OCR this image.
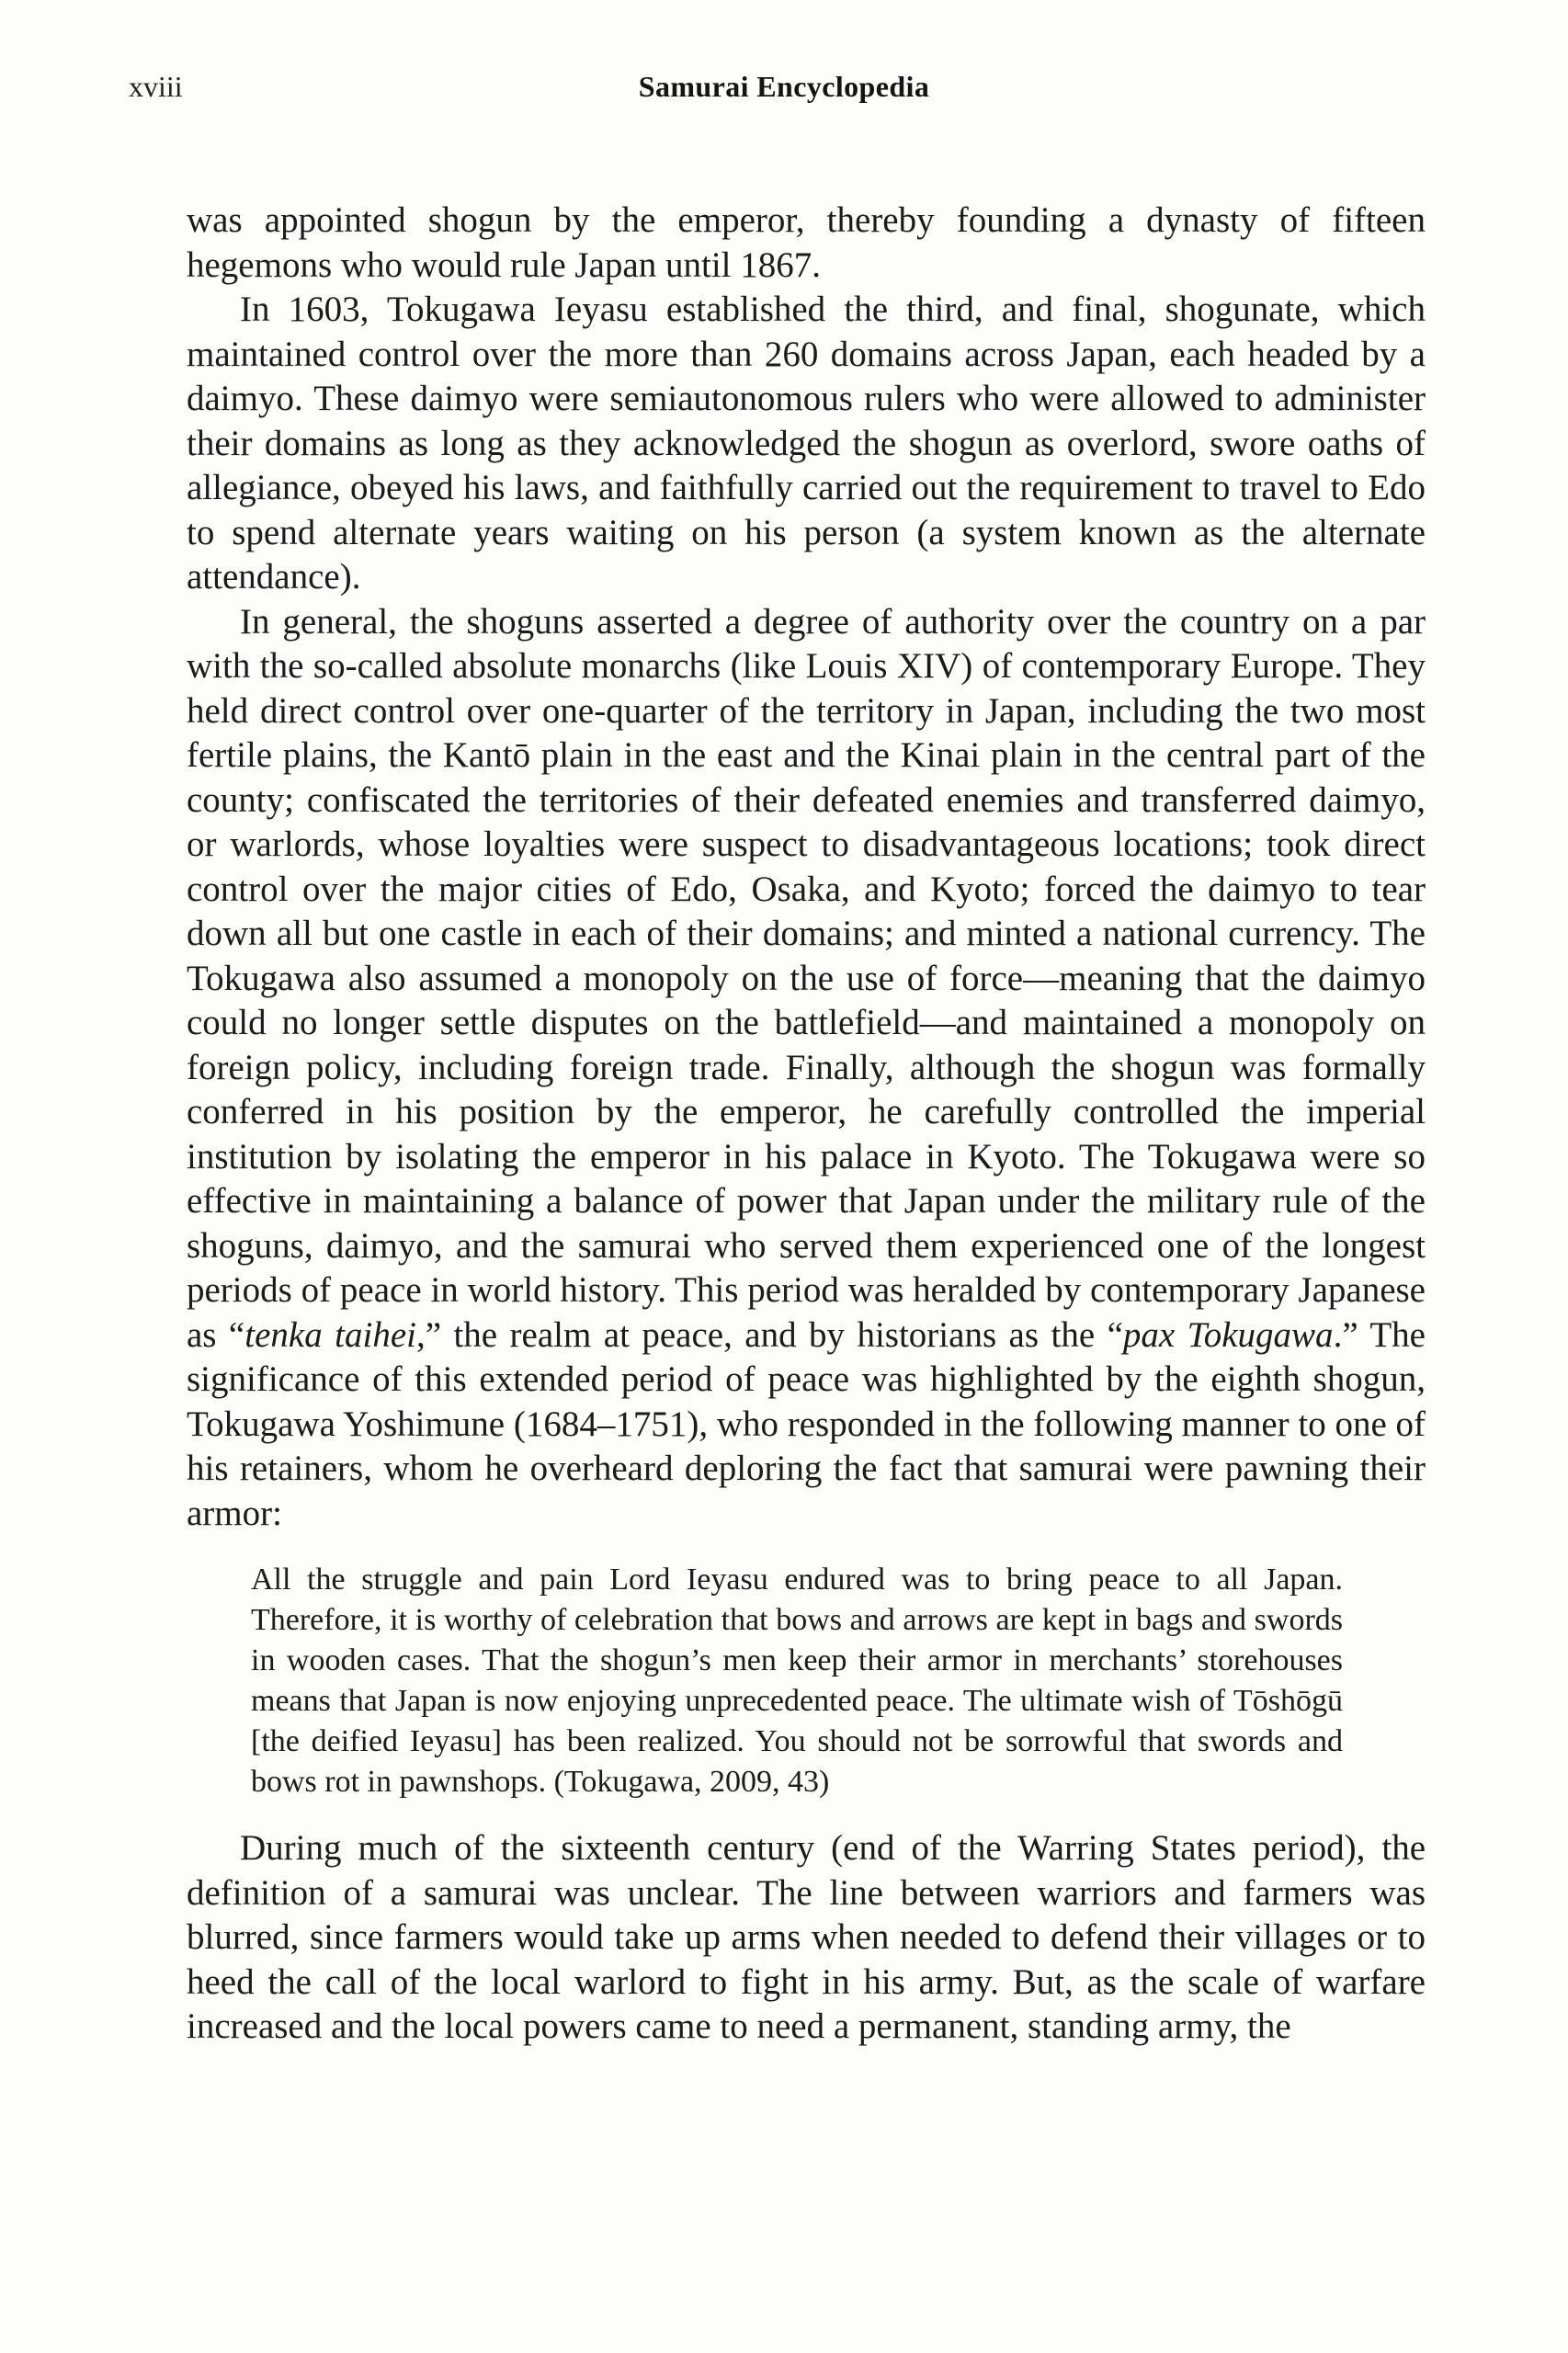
xviii	Samurai Encyclopedia

was appointed shogun by the emperor, thereby founding a dynasty of fifteen hegemons who would rule Japan until 1867.

In 1603, Tokugawa Ieyasu established the third, and final, shogunate, which maintained control over the more than 260 domains across Japan, each headed by a daimyo. These daimyo were semiautonomous rulers who were allowed to administer their domains as long as they acknowledged the shogun as overlord, swore oaths of allegiance, obeyed his laws, and faithfully carried out the requirement to travel to Edo to spend alternate years waiting on his person (a system known as the alternate attendance).

In general, the shoguns asserted a degree of authority over the country on a par with the so-called absolute monarchs (like Louis XIV) of contemporary Europe. They held direct control over one-quarter of the territory in Japan, including the two most fertile plains, the Kantō plain in the east and the Kinai plain in the central part of the county; confiscated the territories of their defeated enemies and transferred daimyo, or warlords, whose loyalties were suspect to disadvantageous locations; took direct control over the major cities of Edo, Osaka, and Kyoto; forced the daimyo to tear down all but one castle in each of their domains; and minted a national currency. The Tokugawa also assumed a monopoly on the use of force—meaning that the daimyo could no longer settle disputes on the battlefield—and maintained a monopoly on foreign policy, including foreign trade. Finally, although the shogun was formally conferred in his position by the emperor, he carefully controlled the imperial institution by isolating the emperor in his palace in Kyoto. The Tokugawa were so effective in maintaining a balance of power that Japan under the military rule of the shoguns, daimyo, and the samurai who served them experienced one of the longest periods of peace in world history. This period was heralded by contemporary Japanese as “tenka taihei,” the realm at peace, and by historians as the “pax Tokugawa.” The significance of this extended period of peace was highlighted by the eighth shogun, Tokugawa Yoshimune (1684–1751), who responded in the following manner to one of his retainers, whom he overheard deploring the fact that samurai were pawning their armor:

All the struggle and pain Lord Ieyasu endured was to bring peace to all Japan. Therefore, it is worthy of celebration that bows and arrows are kept in bags and swords in wooden cases. That the shogun’s men keep their armor in merchants’ storehouses means that Japan is now enjoying unprecedented peace. The ultimate wish of Tōshōgū [the deified Ieyasu] has been realized. You should not be sorrowful that swords and bows rot in pawnshops. (Tokugawa, 2009, 43)

During much of the sixteenth century (end of the Warring States period), the definition of a samurai was unclear. The line between warriors and farmers was blurred, since farmers would take up arms when needed to defend their villages or to heed the call of the local warlord to fight in his army. But, as the scale of warfare increased and the local powers came to need a permanent, standing army, the
